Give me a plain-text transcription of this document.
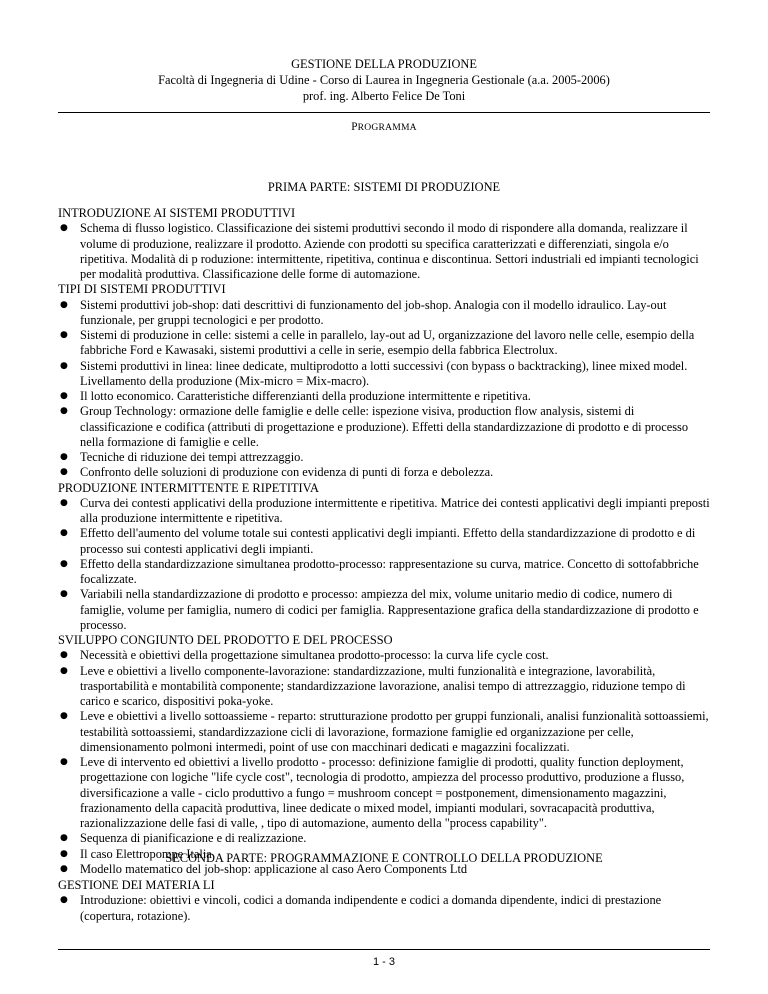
GESTIONE DELLA PRODUZIONE
Facoltà di Ingegneria di Udine - Corso di Laurea in Ingegneria Gestionale (a.a. 2005-2006)
prof. ing. Alberto Felice De Toni
PROGRAMMA
PRIMA PARTE: SISTEMI DI PRODUZIONE
INTRODUZIONE AI SISTEMI PRODUTTIVI
● Schema di flusso logistico. Classificazione dei sistemi produttivi secondo il modo di rispondere alla domanda, realizzare il volume di produzione, realizzare il prodotto. Aziende con prodotti su specifica caratterizzati e differenziati, singola e/o ripetitiva. Modalità di p roduzione: intermittente, ripetitiva, continua e discontinua. Settori industriali ed impianti tecnologici per modalità produttiva. Classificazione delle forme di automazione.
TIPI DI SISTEMI PRODUTTIVI
● Sistemi produttivi job-shop: dati descrittivi di funzionamento del job-shop. Analogia con il modello idraulico. Lay-out funzionale, per gruppi tecnologici e per prodotto.
● Sistemi di produzione in celle: sistemi a celle in parallelo, lay-out ad U, organizzazione del lavoro nelle celle, esempio della fabbriche Ford e Kawasaki, sistemi produttivi a celle in serie, esempio della fabbrica Electrolux.
● Sistemi produttivi in linea: linee dedicate, multiprodotto a lotti successivi (con bypass o backtracking), linee mixed model. Livellamento della produzione (Mix-micro = Mix-macro).
● Il lotto economico. Caratteristiche differenzianti della produzione intermittente e ripetitiva.
● Group Technology: ormazione delle famiglie e delle celle: ispezione visiva, production flow analysis, sistemi di classificazione e codifica (attributi di progettazione e produzione). Effetti della standardizzazione di prodotto e di processo nella formazione di famiglie e celle.
● Tecniche di riduzione dei tempi attrezzaggio.
● Confronto delle soluzioni di produzione con evidenza di punti di forza e debolezza.
PRODUZIONE INTERMITTENTE E RIPETITIVA
● Curva dei contesti applicativi della produzione intermittente e ripetitiva. Matrice dei contesti applicativi degli impianti preposti alla produzione intermittente e ripetitiva.
● Effetto dell'aumento del volume totale sui contesti applicativi degli impianti. Effetto della standardizzazione di prodotto e di processo sui contesti applicativi degli impianti.
● Effetto della standardizzazione simultanea prodotto-processo: rappresentazione su curva, matrice. Concetto di sottofabbriche focalizzate.
● Variabili nella standardizzazione di prodotto e processo: ampiezza del mix, volume unitario medio di codice, numero di famiglie, volume per famiglia, numero di codici per famiglia. Rappresentazione grafica della standardizzazione di prodotto e processo.
SVILUPPO CONGIUNTO DEL PRODOTTO E DEL PROCESSO
● Necessità e obiettivi della progettazione simultanea prodotto-processo: la curva life cycle cost.
● Leve e obiettivi a livello componente-lavorazione: standardizzazione, multi funzionalità e integrazione, lavorabilità, trasportabilità e montabilità componente; standardizzazione lavorazione, analisi tempo di attrezzaggio, riduzione tempo di carico e scarico, dispositivi poka-yoke.
● Leve e obiettivi a livello sottoassieme - reparto: strutturazione prodotto per gruppi funzionali, analisi funzionalità sottoassiemi, testabilità sottoassiemi, standardizzazione cicli di lavorazione, formazione famiglie ed organizzazione per celle, dimensionamento polmoni intermedi, point of use con macchinari dedicati e magazzini focalizzati.
● Leve di intervento ed obiettivi a livello prodotto - processo: definizione famiglie di prodotti, quality function deployment, progettazione con logiche "life cycle cost", tecnologia di prodotto, ampiezza del processo produttivo, produzione a flusso, diversificazione a valle - ciclo produttivo a fungo = mushroom concept = postponement, dimensionamento magazzini, frazionamento della capacità produttiva, linee dedicate o mixed model, impianti modulari, sovracapacità produttiva, razionalizzazione delle fasi di valle, , tipo di automazione, aumento della "process capability".
● Sequenza di pianificazione e di realizzazione.
● Il caso Elettropompe Italia
● Modello matematico del job-shop: applicazione al caso Aero Components Ltd
SECONDA PARTE: PROGRAMMAZIONE E CONTROLLO DELLA PRODUZIONE
GESTIONE DEI MATERIA LI
● Introduzione: obiettivi e vincoli, codici a domanda indipendente e codici a domanda dipendente, indici di prestazione (copertura, rotazione).
1 - 3
